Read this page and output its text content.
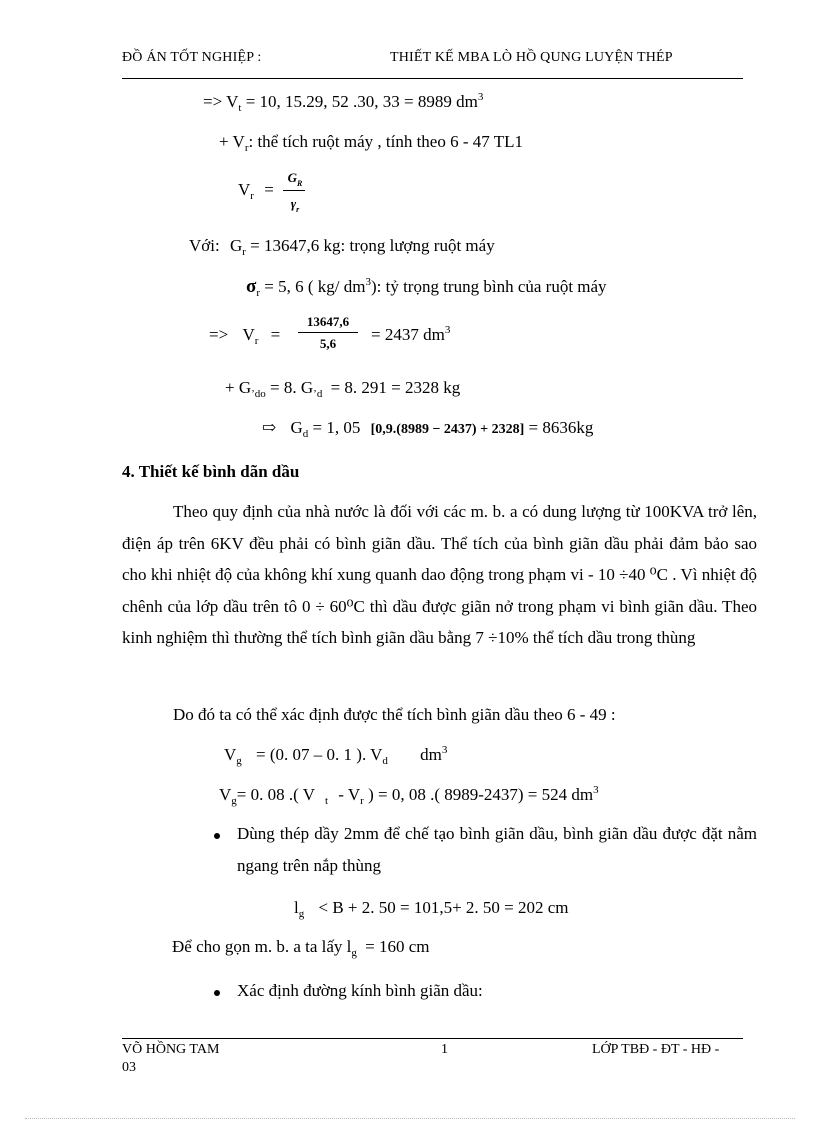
ĐỒ ÁN TỐT NGHIỆP :	THIẾT KẾ MBA LÒ HỒ QUNG LUYỆN THÉP
=> $V_t = 10$, 15.29, 52 .30, 33 = 8989 $dm^3$
+ $V_r$: thể tích ruột máy , tính theo 6 - 47 TL1
$V_r$ =
$G_R$
$\gamma_r$
Với: $G_r = 13647,6$ kg: trọng lượng ruột máy
$\sigma_r = 5$, 6 ( kg/ $dm^3$): tỷ trọng trung bình của ruột máy
=> $V_r = \frac{13647,6}{5,6} = 2437$ $dm^3$
+ $G_{’do} = 8$. $G_{’d} = 8$. 291 = 2328 kg
⇨ $G_d = 1$, 05 [0,9.(8989 − 2437) + 2328] = 8636kg
4. Thiết kế bình dãn dầu
Theo quy định của nhà nước là đối với các m. b. a có dung lượng từ 100KVA trở lên, điện áp trên 6KV đều phải có bình giãn dầu. Thể tích của bình giãn dầu phải đảm bảo sao cho khi nhiệt độ của không khí xung quanh dao động trong phạm vi - 10 ÷40 ⁰C . Vì nhiệt độ chênh của lớp dầu trên tô 0 ÷ 60⁰C thì dầu được giãn nở trong phạm vi bình giãn dầu. Theo kinh nghiệm thì thường thể tích bình giãn dầu bằng 7 ÷10% thể tích dầu trong thùng
Do đó ta có thể xác định được thể tích bình giãn dầu theo 6 - 49 :
$V_g = (0$. 07 – 0. 1 ). $V_d$ $dm^3$
$V_g= 0$. 08 .( V $_t - V_r$ ) = 0, 08 .( 8989-2437) = 524 $dm^3$
Dùng thép dầy 2mm để chế tạo bình giãn dầu, bình giãn dầu được đặt nằm ngang trên nắp thùng
$l_g < B + 2$. 50 = 101,5+ 2. 50 = 202 cm
Để cho gọn m. b. a ta lấy $l_g = 160$ cm
Xác định đường kính bình giãn dầu:
VÕ HỒNG TAM
03
1	LỚP TBĐ - ĐT - HĐ -
